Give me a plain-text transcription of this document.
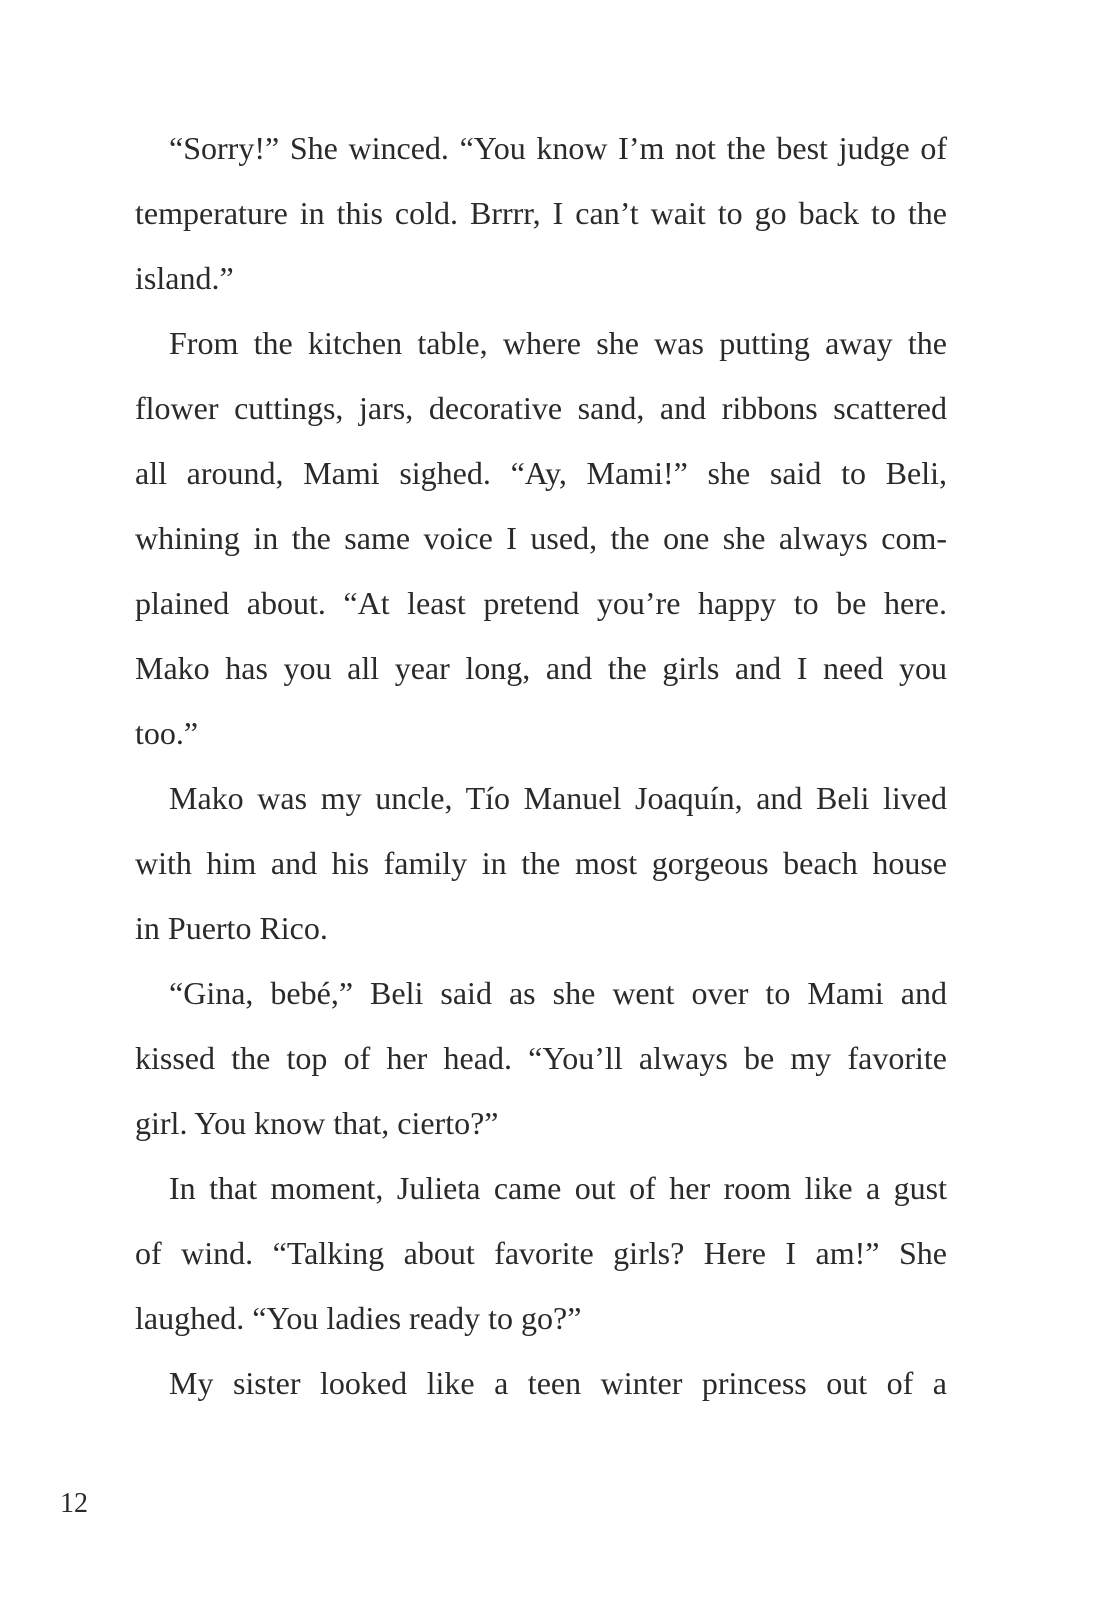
“Sorry!” She winced. “You know I’m not the best judge of
temperature in this cold. Brrrr, I can’t wait to go back to the
island.”
From the kitchen table, where she was putting away the
flower cuttings, jars, decorative sand, and ribbons scattered
all around, Mami sighed. “Ay, Mami!” she said to Beli,
whining in the same voice I used, the one she always com-
plained about. “At least pretend you’re happy to be here.
Mako has you all year long, and the girls and I need you
too.”
Mako was my uncle, Tío Manuel Joaquín, and Beli lived
with him and his family in the most gorgeous beach house
in Puerto Rico.
“Gina, bebé,” Beli said as she went over to Mami and
kissed the top of her head. “You’ll always be my favorite
girl. You know that, cierto?”
In that moment, Julieta came out of her room like a gust
of wind. “Talking about favorite girls? Here I am!” She
laughed. “You ladies ready to go?”
My sister looked like a teen winter princess out of a
12
